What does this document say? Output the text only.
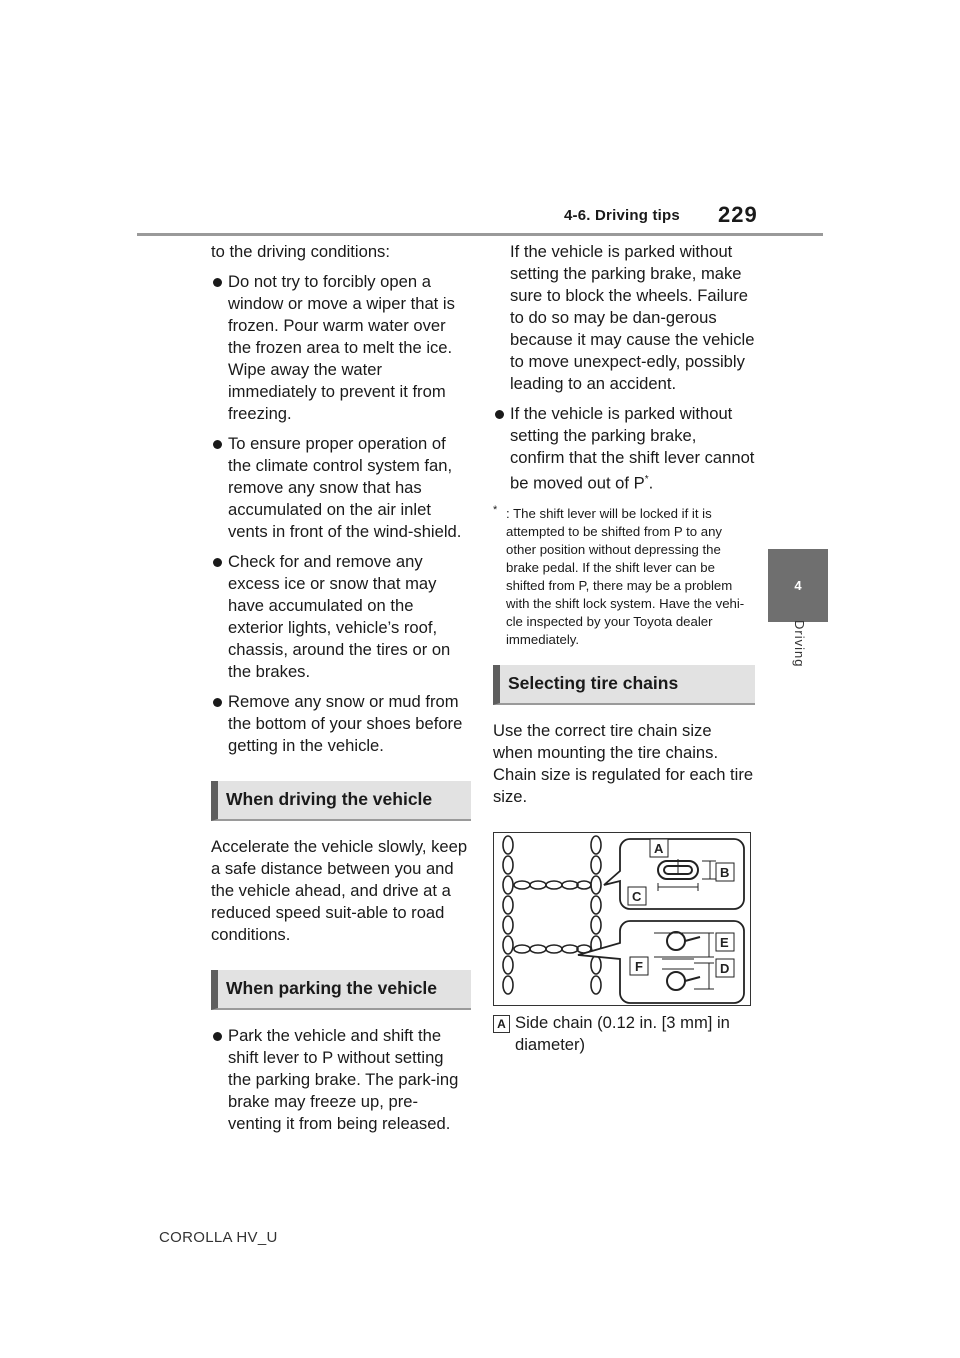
4-6. Driving tips 229
4
Driving

to the driving conditions:

Do not try to forcibly open a window or move a wiper that is frozen. Pour warm water over the frozen area to melt the ice. Wipe away the water immediately to prevent it from freezing.

To ensure proper operation of the climate control system fan, remove any snow that has accumulated on the air inlet vents in front of the wind-shield.

Check for and remove any excess ice or snow that may have accumulated on the exterior lights, vehicle’s roof, chassis, around the tires or on the brakes.

Remove any snow or mud from the bottom of your shoes before getting in the vehicle.

When driving the vehicle

Accelerate the vehicle slowly, keep a safe distance between you and the vehicle ahead, and drive at a reduced speed suit-able to road conditions.

When parking the vehicle

Park the vehicle and shift the shift lever to P without setting the parking brake. The park-ing brake may freeze up, pre-venting it from being released.

If the vehicle is parked without setting the parking brake, make sure to block the wheels. Failure to do so may be dan-gerous because it may cause the vehicle to move unexpect-edly, possibly leading to an accident.

If the vehicle is parked without setting the parking brake, confirm that the shift lever cannot be moved out of P*.

* : The shift lever will be locked if it is attempted to be shifted from P to any other position without depressing the brake pedal. If the shift lever can be shifted from P, there may be a problem with the shift lock system. Have the vehi-cle inspected by your Toyota dealer immediately.
Selecting tire chains

Use the correct tire chain size when mounting the tire chains. Chain size is regulated for each tire size.

A
B
C
E
F	D
A Side chain (0.12 in. [3 mm] in diameter)
COROLLA HV_U
